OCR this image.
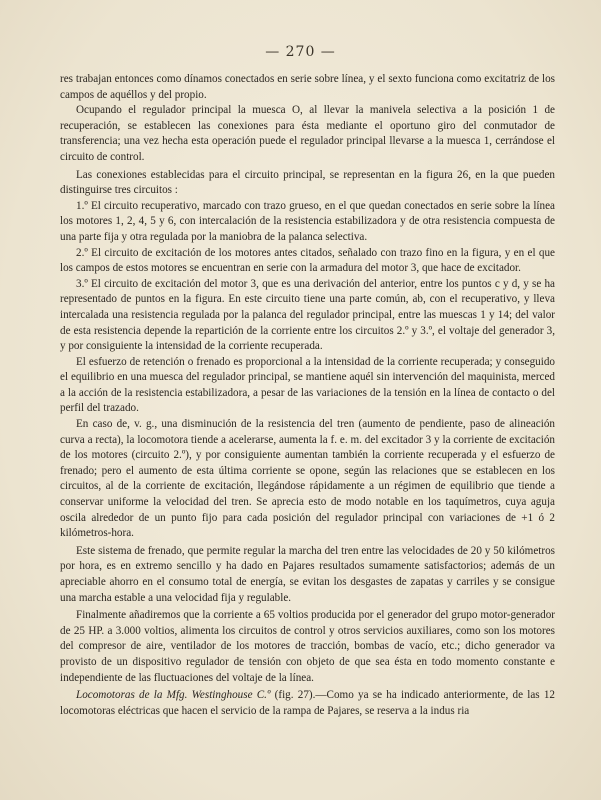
— 270 —

res trabajan entonces como dínamos conectados en serie sobre línea, y el sexto funciona como excitatriz de los campos de aquéllos y del propio.

Ocupando el regulador principal la muesca O, al llevar la manivela selectiva a la posición 1 de recuperación, se establecen las conexiones para ésta mediante el oportuno giro del conmutador de transferencia; una vez hecha esta operación puede el regulador principal llevarse a la muesca 1, cerrándose el circuito de control.

Las conexiones establecidas para el circuito principal, se representan en la figura 26, en la que pueden distinguirse tres circuitos :

1.º El circuito recuperativo, marcado con trazo grueso, en el que quedan conectados en serie sobre la línea los motores 1, 2, 4, 5 y 6, con intercalación de la resistencia estabilizadora y de otra resistencia compuesta de una parte fija y otra regulada por la maniobra de la palanca selectiva.

2.º El circuito de excitación de los motores antes citados, señalado con trazo fino en la figura, y en el que los campos de estos motores se encuentran en serie con la armadura del motor 3, que hace de excitador.

3.º El circuito de excitación del motor 3, que es una derivación del anterior, entre los puntos c y d, y se ha representado de puntos en la figura. En este circuito tiene una parte común, ab, con el recuperativo, y lleva intercalada una resistencia regulada por la palanca del regulador principal, entre las muescas 1 y 14; del valor de esta resistencia depende la repartición de la corriente entre los circuitos 2.º y 3.º, el voltaje del generador 3, y por consiguiente la intensidad de la corriente recuperada.

El esfuerzo de retención o frenado es proporcional a la intensidad de la corriente recuperada; y conseguido el equilibrio en una muesca del regulador principal, se mantiene aquél sin intervención del maquinista, merced a la acción de la resistencia estabilizadora, a pesar de las variaciones de la tensión en la línea de contacto o del perfil del trazado.

En caso de, v. g., una disminución de la resistencia del tren (aumento de pendiente, paso de alineación curva a recta), la locomotora tiende a acelerarse, aumenta la f. e. m. del excitador 3 y la corriente de excitación de los motores (circuito 2.º), y por consiguiente aumentan también la corriente recuperada y el esfuerzo de frenado; pero el aumento de esta última corriente se opone, según las relaciones que se establecen en los circuitos, al de la corriente de excitación, llegándose rápidamente a un régimen de equilibrio que tiende a conservar uniforme la velocidad del tren. Se aprecia esto de modo notable en los taquímetros, cuya aguja oscila alrededor de un punto fijo para cada posición del regulador principal con variaciones de +1 ó 2 kilómetros-hora.

Este sistema de frenado, que permite regular la marcha del tren entre las velocidades de 20 y 50 kilómetros por hora, es en extremo sencillo y ha dado en Pajares resultados sumamente satisfactorios; además de un apreciable ahorro en el consumo total de energía, se evitan los desgastes de zapatas y carriles y se consigue una marcha estable a una velocidad fija y regulable.

Finalmente añadiremos que la corriente a 65 voltios producida por el generador del grupo motor-generador de 25 HP. a 3.000 voltios, alimenta los circuitos de control y otros servicios auxiliares, como son los motores del compresor de aire, ventilador de los motores de tracción, bombas de vacío, etc.; dicho generador va provisto de un dispositivo regulador de tensión con objeto de que sea ésta en todo momento constante e independiente de las fluctuaciones del voltaje de la línea.

Locomotoras de la Mfg. Westinghouse C.º (fig. 27).—Como ya se ha indicado anteriormente, de las 12 locomotoras eléctricas que hacen el servicio de la rampa de Pajares, se reserva a la indus ria
